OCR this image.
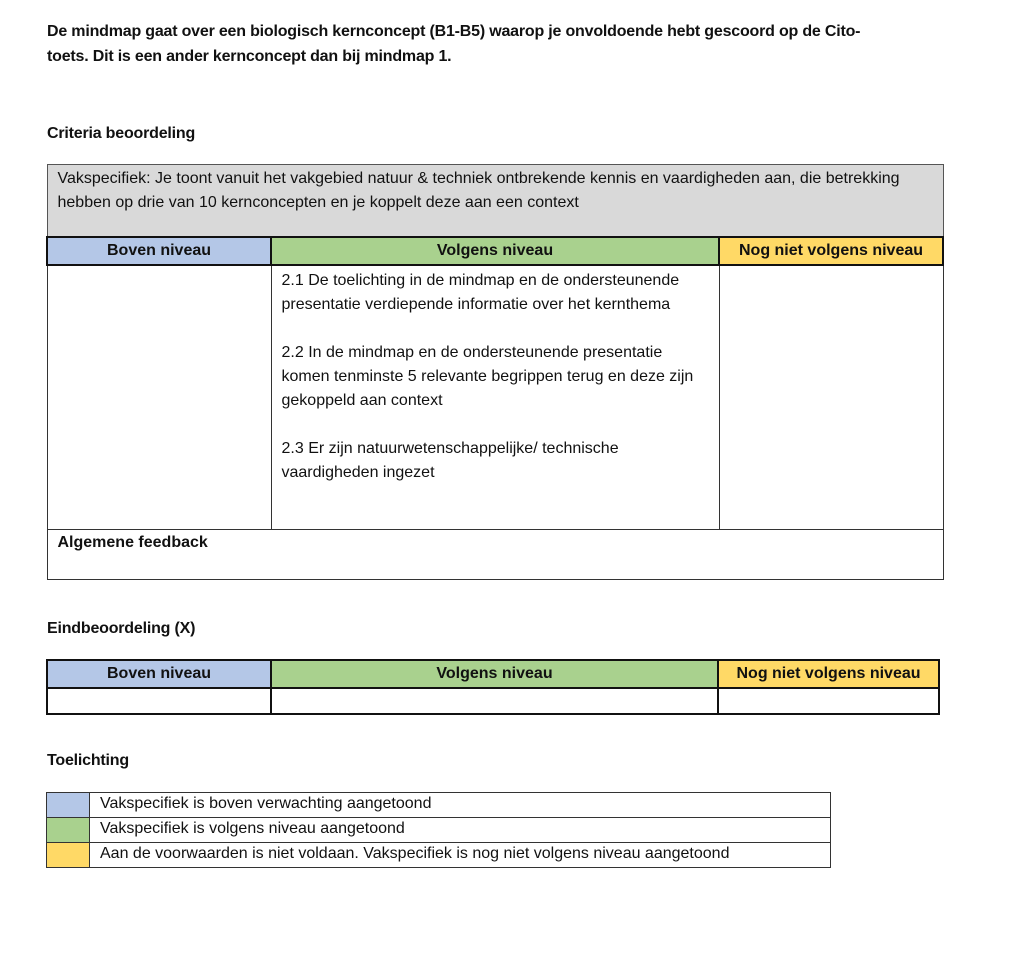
De mindmap gaat over een biologisch kernconcept (B1-B5) waarop je onvoldoende hebt gescoord op de Cito-
toets. Dit is een ander kernconcept dan bij mindmap 1.
Criteria beoordeling
Vakspecifiek: Je toont vanuit het vakgebied natuur & techniek ontbrekende kennis en vaardigheden aan, die betrekking hebben op drie van 10 kernconcepten en je koppelt deze aan een context		
Boven niveau	Volgens niveau	Nog niet volgens niveau

	2.1 De toelichting in de mindmap en de ondersteunende presentatie verdiepende informatie over het kernthema

2.2 In de mindmap en de ondersteunende presentatie komen tenminste 5 relevante begrippen terug en deze zijn gekoppeld aan context

2.3 Er zijn natuurwetenschappelijke/ technische vaardigheden ingezet	

Algemene feedback		
Eindbeoordeling (X)
Boven niveau	Volgens niveau	Nog niet volgens niveau

Toelichting
	Vakspecifiek is boven verwachting aangetoond
	Vakspecifiek is volgens niveau aangetoond
	Aan de voorwaarden is niet voldaan. Vakspecifiek is nog niet volgens niveau aangetoond
